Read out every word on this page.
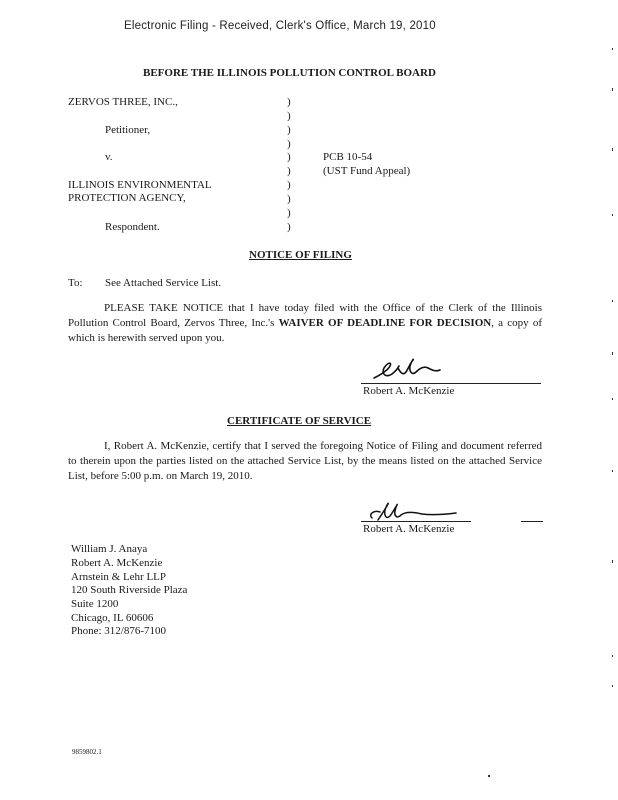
Electronic Filing - Received, Clerk's Office, March 19, 2010
BEFORE THE ILLINOIS POLLUTION CONTROL BOARD
ZERVOS THREE, INC.,
Petitioner,
v.
ILLINOIS ENVIRONMENTAL
PROTECTION AGENCY,
Respondent.
)
)
)
)
)
)
)
)
)
)
PCB 10-54
(UST Fund Appeal)
NOTICE OF FILING
To: See Attached Service List.
PLEASE TAKE NOTICE that I have today filed with the Office of the Clerk of the Illinois Pollution Control Board, Zervos Three, Inc.'s WAIVER OF DEADLINE FOR DECISION, a copy of which is herewith served upon you.
Robert A. McKenzie
CERTIFICATE OF SERVICE
I, Robert A. McKenzie, certify that I served the foregoing Notice of Filing and document referred to therein upon the parties listed on the attached Service List, by the means listed on the attached Service List, before 5:00 p.m. on March 19, 2010.
Robert A. McKenzie
William J. Anaya
Robert A. McKenzie
Arnstein & Lehr LLP
120 South Riverside Plaza
Suite 1200
Chicago, IL 60606
Phone: 312/876-7100
9859802.1
